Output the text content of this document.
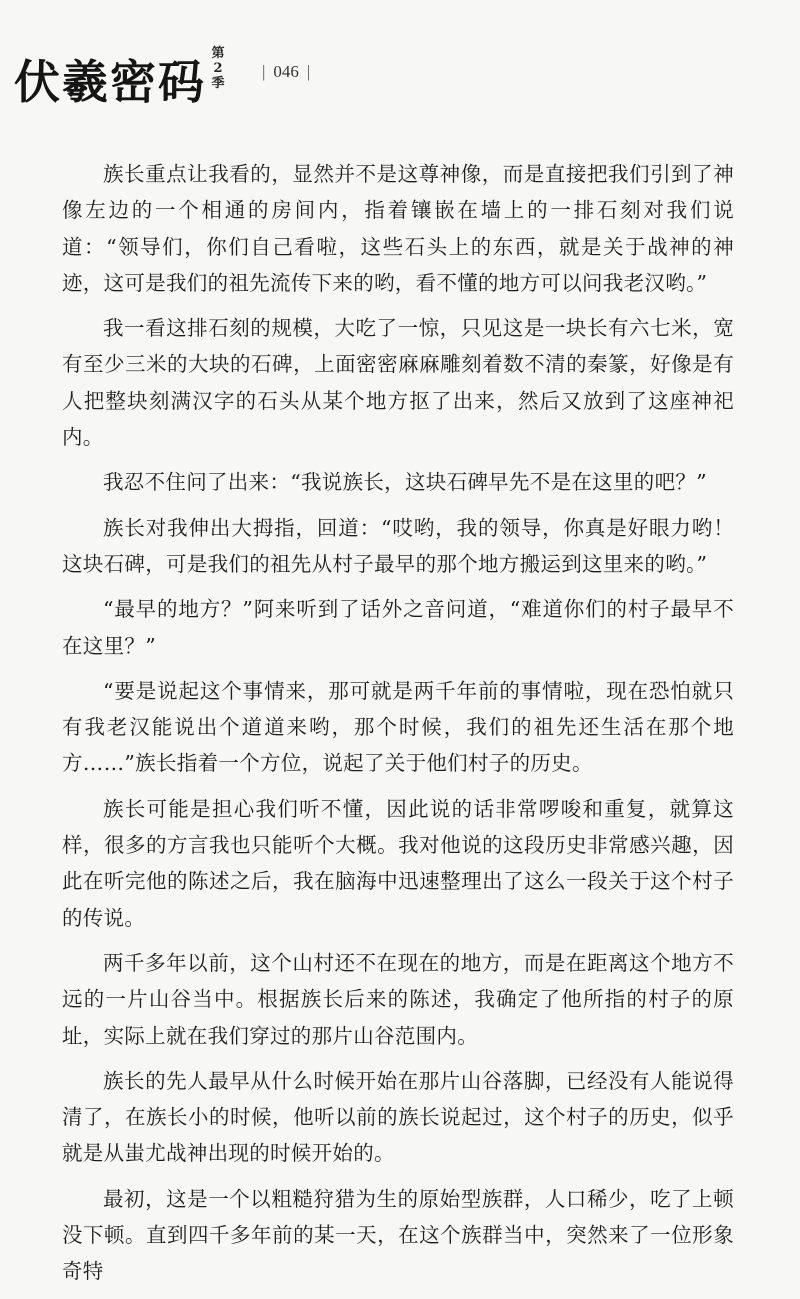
伏羲密码
第
2
季
| 046 |

族长重点让我看的，显然并不是这尊神像，而是直接把我们引到了神像左边的一个相通的房间内，指着镶嵌在墙上的一排石刻对我们说道：“领导们，你们自己看啦，这些石头上的东西，就是关于战神的神迹，这可是我们的祖先流传下来的哟，看不懂的地方可以问我老汉哟。”

我一看这排石刻的规模，大吃了一惊，只见这是一块长有六七米，宽有至少三米的大块的石碑，上面密密麻麻雕刻着数不清的秦篆，好像是有人把整块刻满汉字的石头从某个地方抠了出来，然后又放到了这座神祀内。

我忍不住问了出来：“我说族长，这块石碑早先不是在这里的吧？”

族长对我伸出大拇指，回道：“哎哟，我的领导，你真是好眼力哟！这块石碑，可是我们的祖先从村子最早的那个地方搬运到这里来的哟。”

“最早的地方？”阿来听到了话外之音问道，“难道你们的村子最早不在这里？”

“要是说起这个事情来，那可就是两千年前的事情啦，现在恐怕就只有我老汉能说出个道道来哟，那个时候，我们的祖先还生活在那个地方……”族长指着一个方位，说起了关于他们村子的历史。

族长可能是担心我们听不懂，因此说的话非常啰唆和重复，就算这样，很多的方言我也只能听个大概。我对他说的这段历史非常感兴趣，因此在听完他的陈述之后，我在脑海中迅速整理出了这么一段关于这个村子的传说。

两千多年以前，这个山村还不在现在的地方，而是在距离这个地方不远的一片山谷当中。根据族长后来的陈述，我确定了他所指的村子的原址，实际上就在我们穿过的那片山谷范围内。

族长的先人最早从什么时候开始在那片山谷落脚，已经没有人能说得清了，在族长小的时候，他听以前的族长说起过，这个村子的历史，似乎就是从蚩尤战神出现的时候开始的。

最初，这是一个以粗糙狩猎为生的原始型族群，人口稀少，吃了上顿没下顿。直到四千多年前的某一天，在这个族群当中，突然来了一位形象奇特
